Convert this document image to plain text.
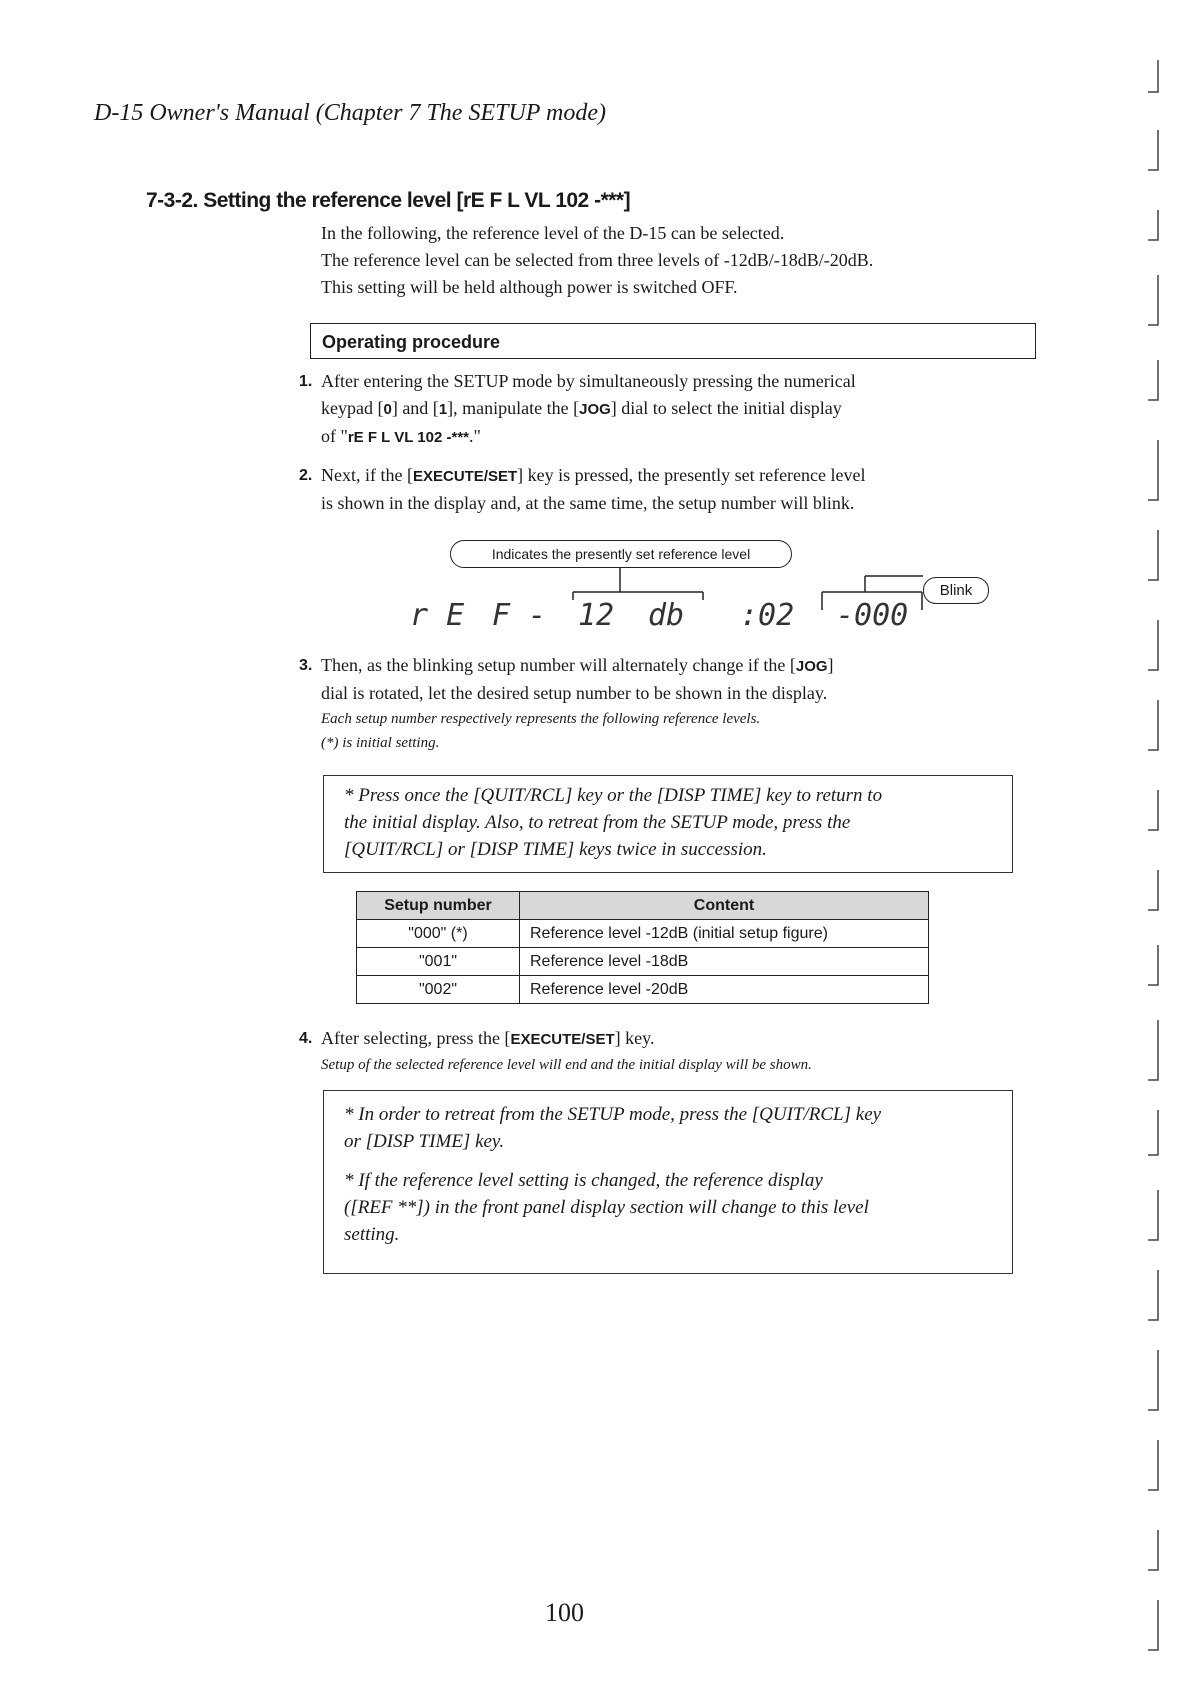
D-15 Owner's Manual (Chapter 7 The SETUP mode)
7-3-2. Setting the reference level [rE F L VL 102 -***]
In the following, the reference level of the D-15 can be selected.
The reference level can be selected from three levels of -12dB/-18dB/-20dB.
This setting will be held although power is switched OFF.
Operating procedure
1. After entering the SETUP mode by simultaneously pressing the numerical
keypad [0] and [1], manipulate the [JOG] dial to select the initial display
of "rE F L VL 102 -***."
2. Next, if the [EXECUTE/SET] key is pressed, the presently set reference level
is shown in the display and, at the same time, the setup number will blink.
Indicates the presently set reference level
Blink
r E F - 12 db :02 -000
3. Then, as the blinking setup number will alternately change if the [JOG]
dial is rotated, let the desired setup number to be shown in the display.
Each setup number respectively represents the following reference levels.
(*) is initial setting.
* Press once the [QUIT/RCL] key or the [DISP TIME] key to return to
the initial display. Also, to retreat from the SETUP mode, press the
[QUIT/RCL] or [DISP TIME] keys twice in succession.
Setup number	Content
"000" (*)	Reference level -12dB (initial setup figure)
"001"	Reference level -18dB
"002"	Reference level -20dB
4. After selecting, press the [EXECUTE/SET] key.
Setup of the selected reference level will end and the initial display will be shown.
* In order to retreat from the SETUP mode, press the [QUIT/RCL] key
or [DISP TIME] key.
* If the reference level setting is changed, the reference display
([REF **]) in the front panel display section will change to this level
setting.
100
